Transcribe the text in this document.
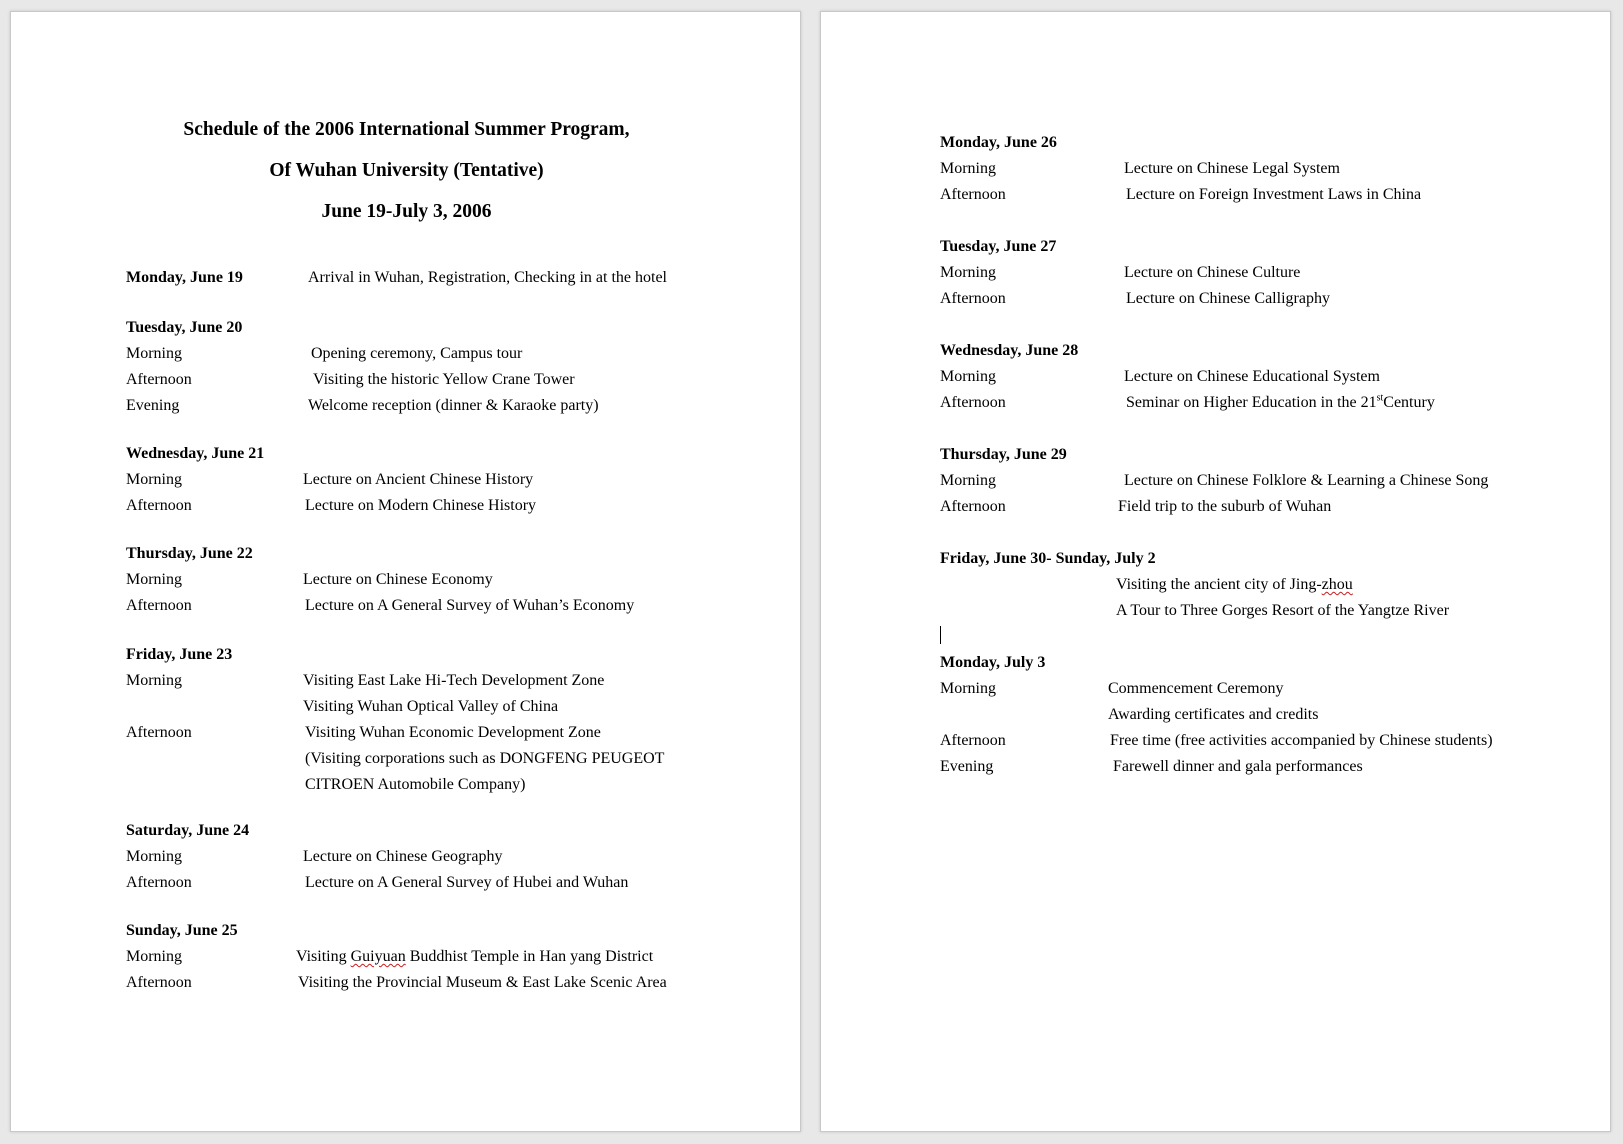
Schedule of the 2006 International Summer Program,
Of Wuhan University (Tentative)
June 19-July 3, 2006
Monday, June 19	Arrival in Wuhan, Registration, Checking in at the hotel
Tuesday, June 20
Morning	Opening ceremony, Campus tour
Afternoon	Visiting the historic Yellow Crane Tower
Evening	Welcome reception (dinner & Karaoke party)
Wednesday, June 21
Morning	Lecture on Ancient Chinese History
Afternoon	Lecture on Modern Chinese History
Thursday, June 22
Morning	Lecture on Chinese Economy
Afternoon	Lecture on A General Survey of Wuhan’s Economy
Friday, June 23
Morning	Visiting East Lake Hi-Tech Development Zone
Visiting Wuhan Optical Valley of China
Afternoon	Visiting Wuhan Economic Development Zone
(Visiting corporations such as DONGFENG PEUGEOT
CITROEN Automobile Company)
Saturday, June 24
Morning	Lecture on Chinese Geography
Afternoon	Lecture on A General Survey of Hubei and Wuhan
Sunday, June 25
Morning	Visiting Guiyuan Buddhist Temple in Han yang District
Afternoon	Visiting the Provincial Museum & East Lake Scenic Area
Monday, June 26
Morning	Lecture on Chinese Legal System
Afternoon	Lecture on Foreign Investment Laws in China
Tuesday, June 27
Morning	Lecture on Chinese Culture
Afternoon	Lecture on Chinese Calligraphy
Wednesday, June 28
Morning	Lecture on Chinese Educational System
Afternoon	Seminar on Higher Education in the 21stCentury
Thursday, June 29
Morning	Lecture on Chinese Folklore & Learning a Chinese Song
Afternoon	Field trip to the suburb of Wuhan
Friday, June 30- Sunday, July 2
Visiting the ancient city of Jing-zhou
A Tour to Three Gorges Resort of the Yangtze River
Monday, July 3
Morning	Commencement Ceremony
Awarding certificates and credits
Afternoon	Free time (free activities accompanied by Chinese students)
Evening	Farewell dinner and gala performances
